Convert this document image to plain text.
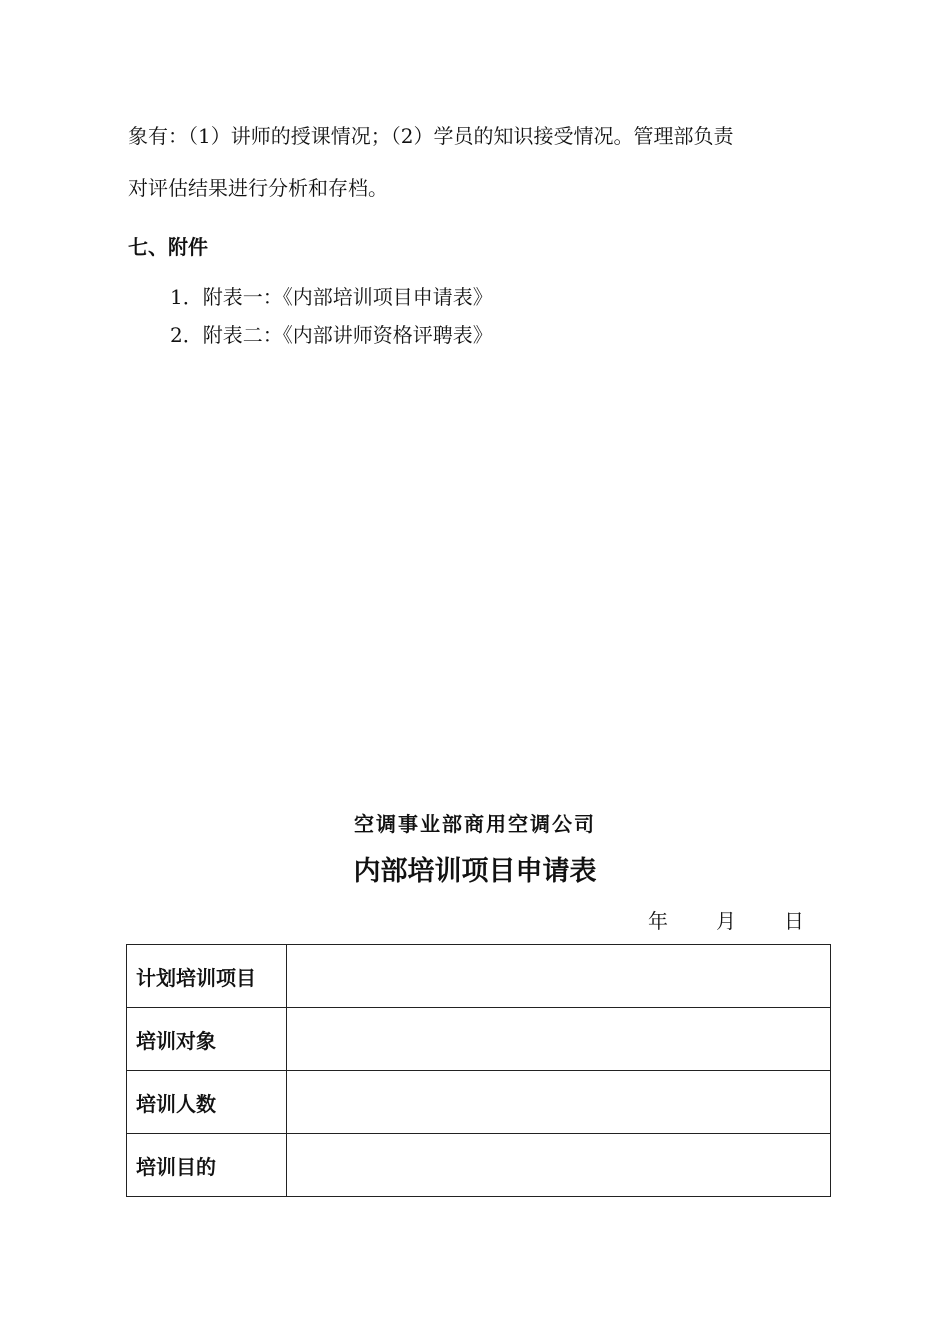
象有：（1）讲师的授课情况；（2）学员的知识接受情况。管理部负责
对评估结果进行分析和存档。
七、附件
1．附表一：《内部培训项目申请表》
2．附表二：《内部讲师资格评聘表》
空调事业部商用空调公司
内部培训项目申请表
年 月 日
计划培训项目	
培训对象	
培训人数	
培训目的	
